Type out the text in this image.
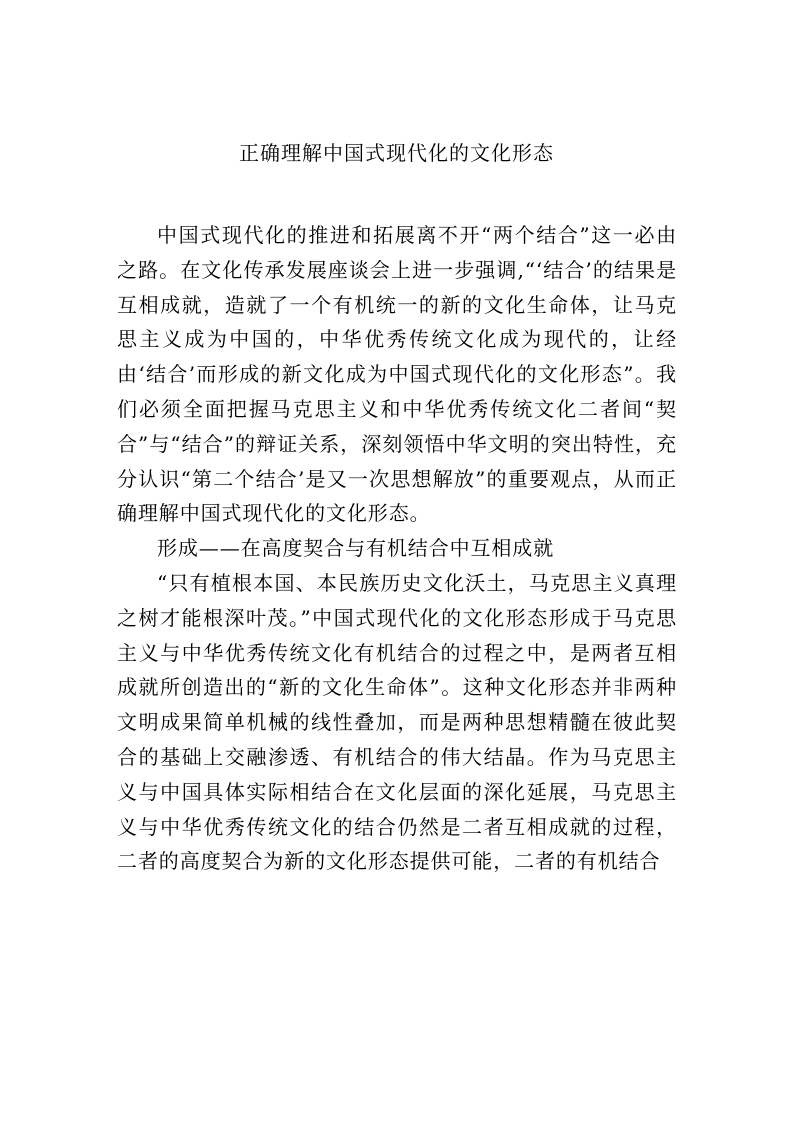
正确理解中国式现代化的文化形态

中国式现代化的推进和拓展离不开“两个结合”这一必由之路。在文化传承发展座谈会上进一步强调,“‘结合’的结果是互相成就，造就了一个有机统一的新的文化生命体，让马克思主义成为中国的，中华优秀传统文化成为现代的，让经由‘结合’而形成的新文化成为中国式现代化的文化形态”。我们必须全面把握马克思主义和中华优秀传统文化二者间“契合”与“结合”的辩证关系，深刻领悟中华文明的突出特性，充分认识“第二个结合’是又一次思想解放”的重要观点，从而正确理解中国式现代化的文化形态。

形成——在高度契合与有机结合中互相成就

“只有植根本国、本民族历史文化沃土，马克思主义真理之树才能根深叶茂。”中国式现代化的文化形态形成于马克思主义与中华优秀传统文化有机结合的过程之中，是两者互相成就所创造出的“新的文化生命体”。这种文化形态并非两种文明成果简单机械的线性叠加，而是两种思想精髓在彼此契合的基础上交融渗透、有机结合的伟大结晶。作为马克思主义与中国具体实际相结合在文化层面的深化延展，马克思主义与中华优秀传统文化的结合仍然是二者互相成就的过程，二者的高度契合为新的文化形态提供可能，二者的有机结合
